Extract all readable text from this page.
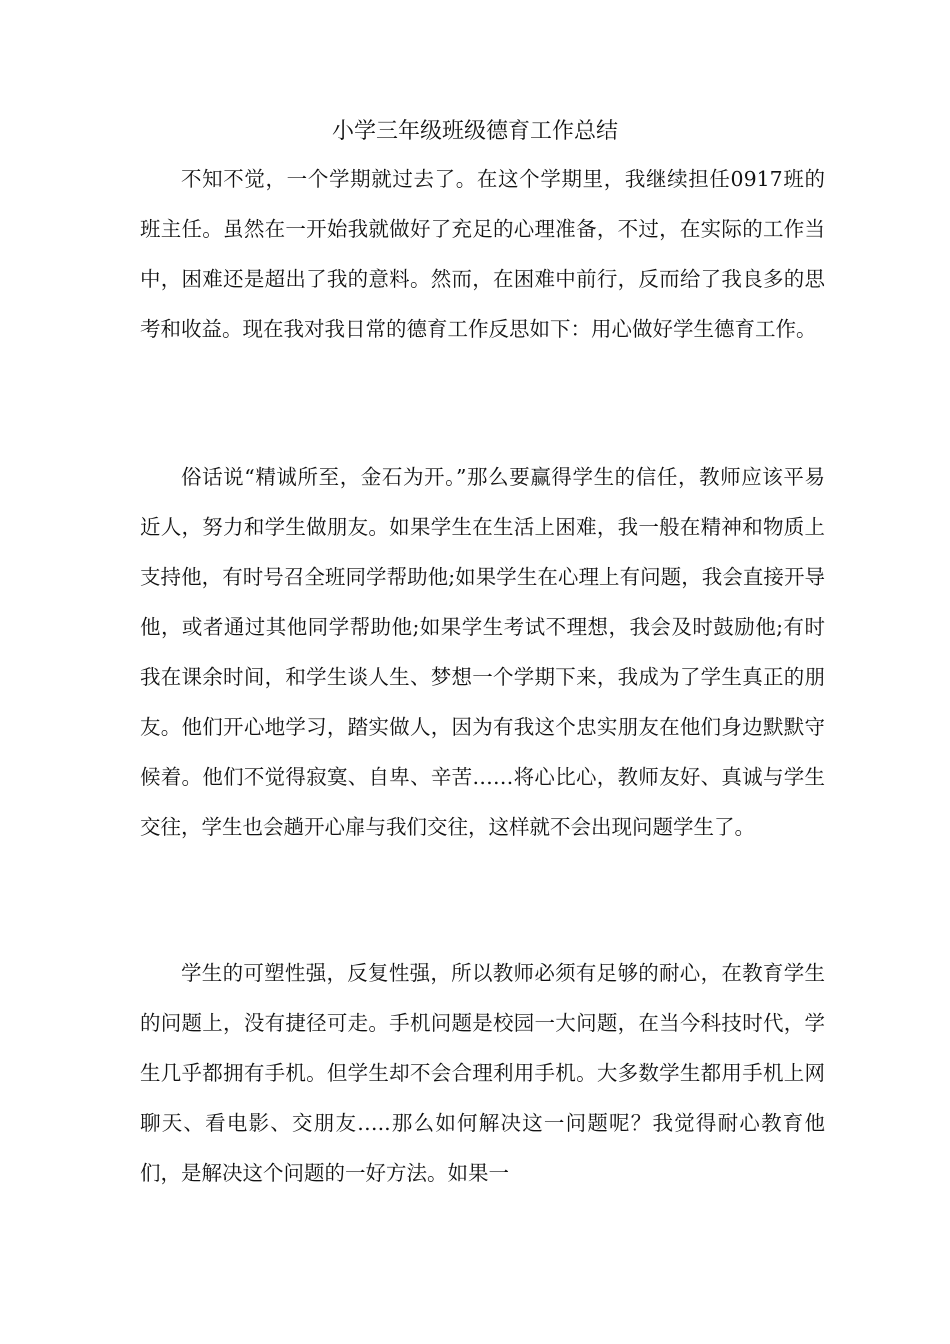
小学三年级班级德育工作总结

不知不觉，一个学期就过去了。在这个学期里，我继续担任0917班的班主任。虽然在一开始我就做好了充足的心理准备，不过，在实际的工作当中，困难还是超出了我的意料。然而，在困难中前行，反而给了我良多的思考和收益。现在我对我日常的德育工作反思如下：用心做好学生德育工作。

俗话说“精诚所至，金石为开。”那么要赢得学生的信任，教师应该平易近人，努力和学生做朋友。如果学生在生活上困难，我一般在精神和物质上支持他，有时号召全班同学帮助他;如果学生在心理上有问题，我会直接开导他，或者通过其他同学帮助他;如果学生考试不理想，我会及时鼓励他;有时我在课余时间，和学生谈人生、梦想一个学期下来，我成为了学生真正的朋友。他们开心地学习，踏实做人，因为有我这个忠实朋友在他们身边默默守候着。他们不觉得寂寞、自卑、辛苦……将心比心，教师友好、真诚与学生交往，学生也会趟开心扉与我们交往，这样就不会出现问题学生了。

学生的可塑性强，反复性强，所以教师必须有足够的耐心，在教育学生的问题上，没有捷径可走。手机问题是校园一大问题，在当今科技时代，学生几乎都拥有手机。但学生却不会合理利用手机。大多数学生都用手机上网聊天、看电影、交朋友…..那么如何解决这一问题呢？我觉得耐心教育他们，是解决这个问题的一好方法。如果一
